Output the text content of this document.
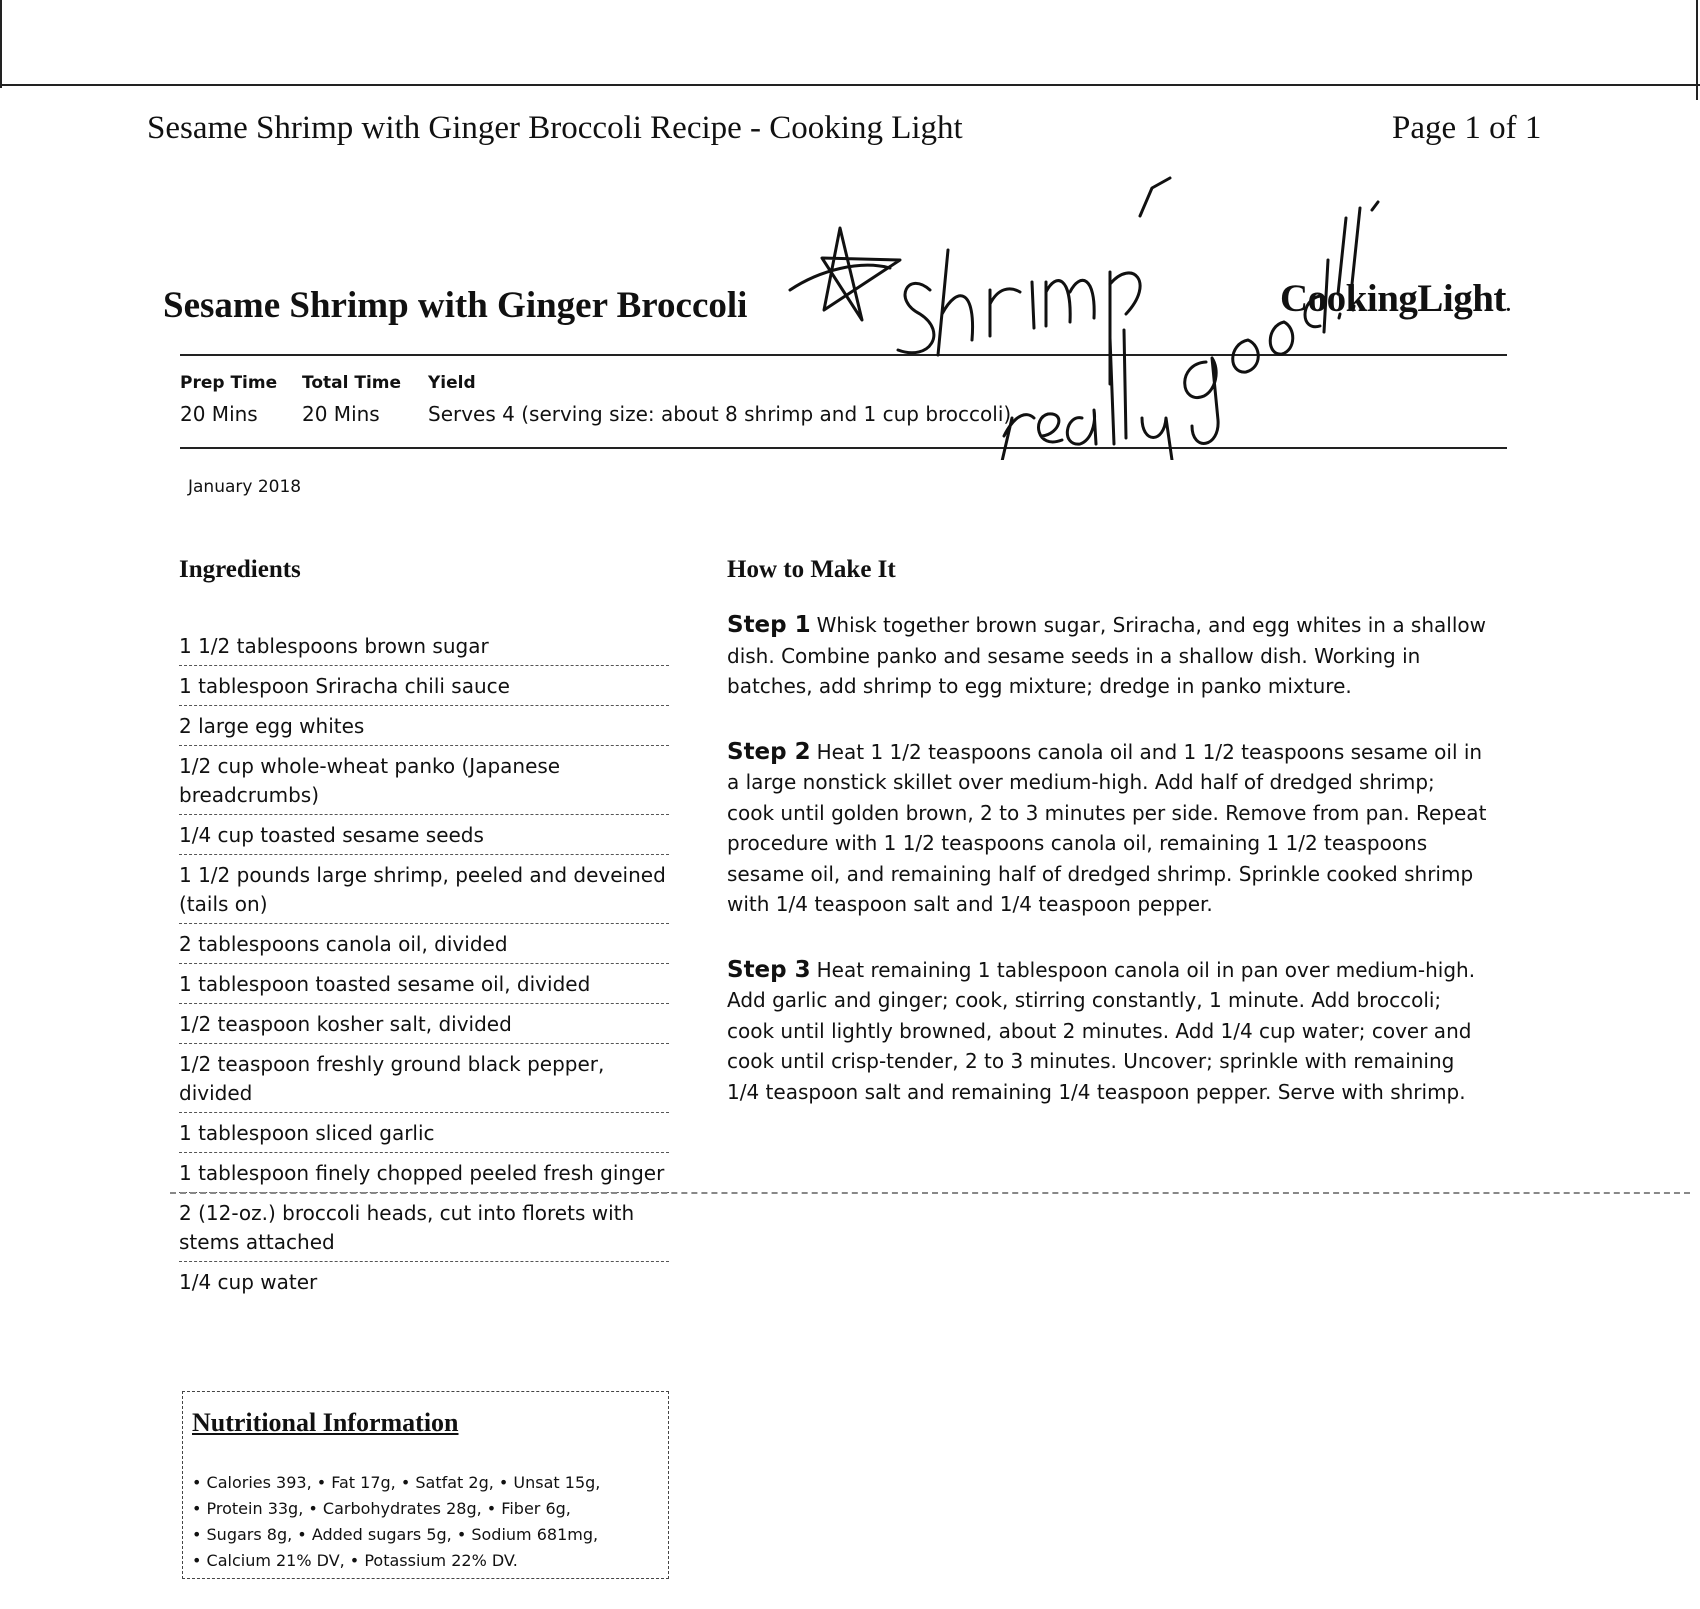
Sesame Shrimp with Ginger Broccoli Recipe - Cooking Light	Page 1 of 1
Sesame Shrimp with Ginger Broccoli	CookingLight.
Prep Time Total Time Yield
20 Mins 20 Mins Serves 4 (serving size: about 8 shrimp and 1 cup broccoli)
January 2018
Ingredients
1 1/2 tablespoons brown sugar
1 tablespoon Sriracha chili sauce
2 large egg whites
1/2 cup whole-wheat panko (Japanese breadcrumbs)
1/4 cup toasted sesame seeds
1 1/2 pounds large shrimp, peeled and deveined (tails on)
2 tablespoons canola oil, divided
1 tablespoon toasted sesame oil, divided
1/2 teaspoon kosher salt, divided
1/2 teaspoon freshly ground black pepper, divided
1 tablespoon sliced garlic
1 tablespoon finely chopped peeled fresh ginger
2 (12-oz.) broccoli heads, cut into florets with stems attached
1/4 cup water
How to Make It

Step 1 Whisk together brown sugar, Sriracha, and egg whites in a shallow dish. Combine panko and sesame seeds in a shallow dish. Working in batches, add shrimp to egg mixture; dredge in panko mixture.

Step 2 Heat 1 1/2 teaspoons canola oil and 1 1/2 teaspoons sesame oil in a large nonstick skillet over medium-high. Add half of dredged shrimp; cook until golden brown, 2 to 3 minutes per side. Remove from pan. Repeat procedure with 1 1/2 teaspoons canola oil, remaining 1 1/2 teaspoons sesame oil, and remaining half of dredged shrimp. Sprinkle cooked shrimp with 1/4 teaspoon salt and 1/4 teaspoon pepper.

Step 3 Heat remaining 1 tablespoon canola oil in pan over medium-high. Add garlic and ginger; cook, stirring constantly, 1 minute. Add broccoli; cook until lightly browned, about 2 minutes. Add 1/4 cup water; cover and cook until crisp-tender, 2 to 3 minutes. Uncover; sprinkle with remaining 1/4 teaspoon salt and remaining 1/4 teaspoon pepper. Serve with shrimp.

Nutritional Information
• Calories 393, • Fat 17g, • Satfat 2g, • Unsat 15g,
• Protein 33g, • Carbohydrates 28g, • Fiber 6g,
• Sugars 8g, • Added sugars 5g, • Sodium 681mg,
• Calcium 21% DV, • Potassium 22% DV.
